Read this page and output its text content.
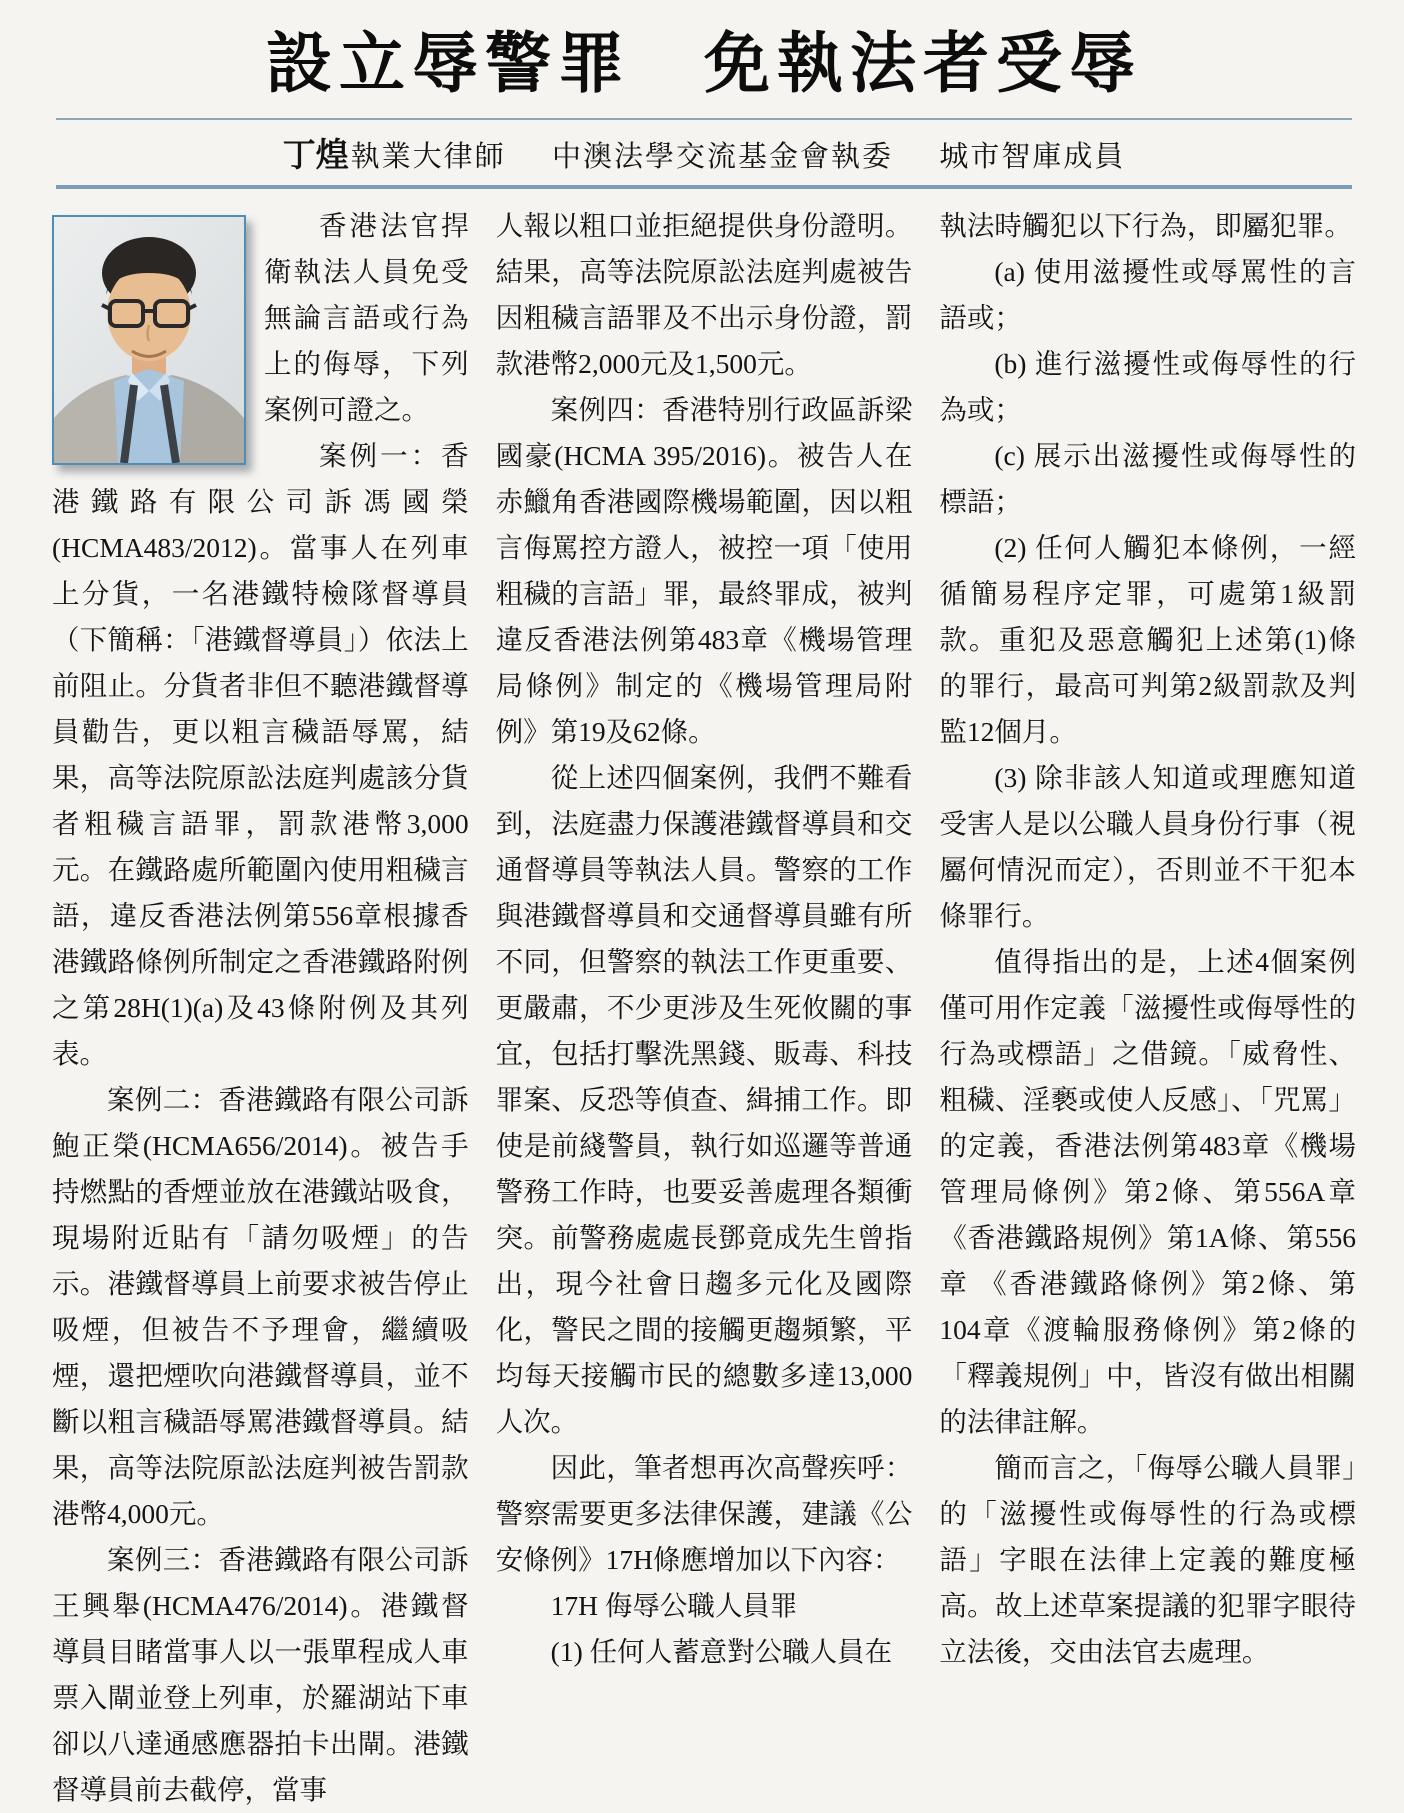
設立辱警罪　免執法者受辱
丁煌執業大律師 中澳法學交流基金會執委 城市智庫成員

香港法官捍衛執法人員免受無論言語或行為上的侮辱，下列案例可證之。

案例一：香港鐵路有限公司訴馮國榮(HCMA483/2012)。當事人在列車上分貨，一名港鐵特檢隊督導員（下簡稱：「港鐵督導員」）依法上前阻止。分貨者非但不聽港鐵督導員勸告，更以粗言穢語辱罵，結果，高等法院原訟法庭判處該分貨者粗穢言語罪，罰款港幣3,000元。在鐵路處所範圍內使用粗穢言語，違反香港法例第556章根據香港鐵路條例所制定之香港鐵路附例之第28H(1)(a)及43條附例及其列表。

案例二：香港鐵路有限公司訴鮑正榮(HCMA656/2014)。被告手持燃點的香煙並放在港鐵站吸食，現場附近貼有「請勿吸煙」的告示。港鐵督導員上前要求被告停止吸煙，但被告不予理會，繼續吸煙，還把煙吹向港鐵督導員，並不斷以粗言穢語辱罵港鐵督導員。結果，高等法院原訟法庭判被告罰款港幣4,000元。

案例三：香港鐵路有限公司訴王興舉(HCMA476/2014)。港鐵督導員目睹當事人以一張單程成人車票入閘並登上列車，於羅湖站下車卻以八達通感應器拍卡出閘。港鐵督導員前去截停，當事

人報以粗口並拒絕提供身份證明。結果，高等法院原訟法庭判處被告因粗穢言語罪及不出示身份證，罰款港幣2,000元及1,500元。

案例四：香港特別行政區訴梁國豪(HCMA 395/2016)。被告人在赤鱲角香港國際機場範圍，因以粗言侮罵控方證人，被控一項「使用粗穢的言語」罪，最終罪成，被判違反香港法例第483章《機場管理局條例》制定的《機場管理局附例》第19及62條。

從上述四個案例，我們不難看到，法庭盡力保護港鐵督導員和交通督導員等執法人員。警察的工作與港鐵督導員和交通督導員雖有所不同，但警察的執法工作更重要、更嚴肅，不少更涉及生死攸關的事宜，包括打擊洗黑錢、販毒、科技罪案、反恐等偵查、緝捕工作。即使是前綫警員，執行如巡邏等普通警務工作時，也要妥善處理各類衝突。前警務處處長鄧竟成先生曾指出，現今社會日趨多元化及國際化，警民之間的接觸更趨頻繁，平均每天接觸市民的總數多達13,000人次。

因此，筆者想再次高聲疾呼：警察需要更多法律保護，建議《公安條例》17H條應增加以下內容：

17H 侮辱公職人員罪

(1) 任何人蓄意對公職人員在

執法時觸犯以下行為，即屬犯罪。

(a) 使用滋擾性或辱罵性的言語或；

(b) 進行滋擾性或侮辱性的行為或；

(c) 展示出滋擾性或侮辱性的標語；

(2) 任何人觸犯本條例，一經循簡易程序定罪，可處第1級罰款。重犯及惡意觸犯上述第(1)條的罪行，最高可判第2級罰款及判監12個月。

(3) 除非該人知道或理應知道受害人是以公職人員身份行事（視屬何情況而定），否則並不干犯本條罪行。

值得指出的是，上述4個案例僅可用作定義「滋擾性或侮辱性的行為或標語」之借鏡。「威脅性、粗穢、淫褻或使人反感」、「咒罵」的定義，香港法例第483章《機場管理局條例》第2條、第556A章 《香港鐵路規例》第1A條、第556章 《香港鐵路條例》第2條、第104章《渡輪服務條例》第2條的「釋義規例」中，皆沒有做出相關的法律註解。

簡而言之，「侮辱公職人員罪」的「滋擾性或侮辱性的行為或標語」字眼在法律上定義的難度極高。故上述草案提議的犯罪字眼待立法後，交由法官去處理。
